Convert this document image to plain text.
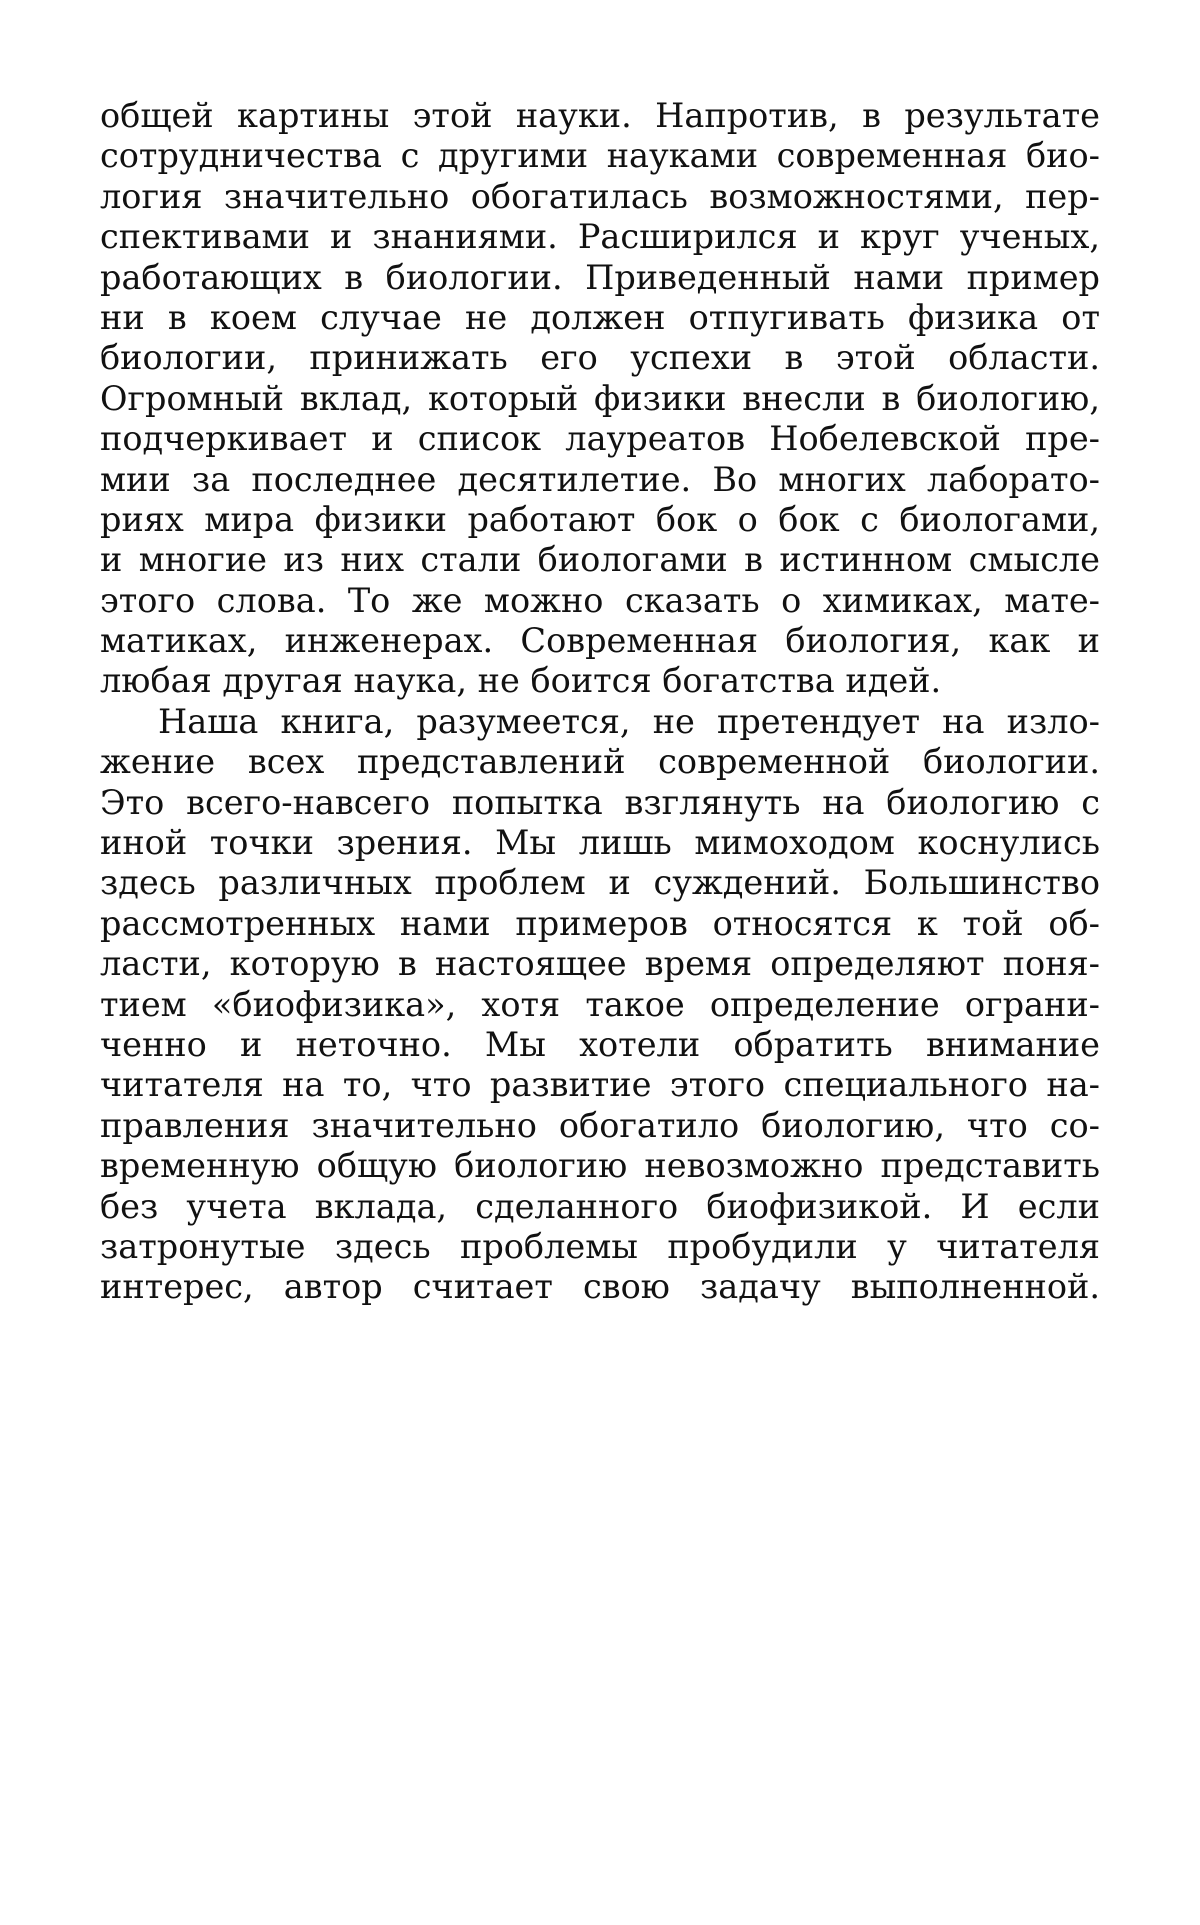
общей картины этой науки. Напротив, в результате
сотрудничества с другими науками современная био-
логия значительно обогатилась возможностями, пер-
спективами и знаниями. Расширился и круг ученых,
работающих в биологии. Приведенный нами пример
ни в коем случае не должен отпугивать физика от
биологии, принижать его успехи в этой области.
Огромный вклад, который физики внесли в биологию,
подчеркивает и список лауреатов Нобелевской пре-
мии за последнее десятилетие. Во многих лаборато-
риях мира физики работают бок о бок с биологами,
и многие из них стали биологами в истинном смысле
этого слова. То же можно сказать о химиках, мате-
матиках, инженерах. Современная биология, как и
любая другая наука, не боится богатства идей.
Наша книга, разумеется, не претендует на изло-
жение всех представлений современной биологии.
Это всего-навсего попытка взглянуть на биологию с
иной точки зрения. Мы лишь мимоходом коснулись
здесь различных проблем и суждений. Большинство
рассмотренных нами примеров относятся к той об-
ласти, которую в настоящее время определяют поня-
тием «биофизика», хотя такое определение ограни-
ченно и неточно. Мы хотели обратить внимание
читателя на то, что развитие этого специального на-
правления значительно обогатило биологию, что со-
временную общую биологию невозможно представить
без учета вклада, сделанного биофизикой. И если
затронутые здесь проблемы пробудили у читателя
интерес, автор считает свою задачу выполненной.
